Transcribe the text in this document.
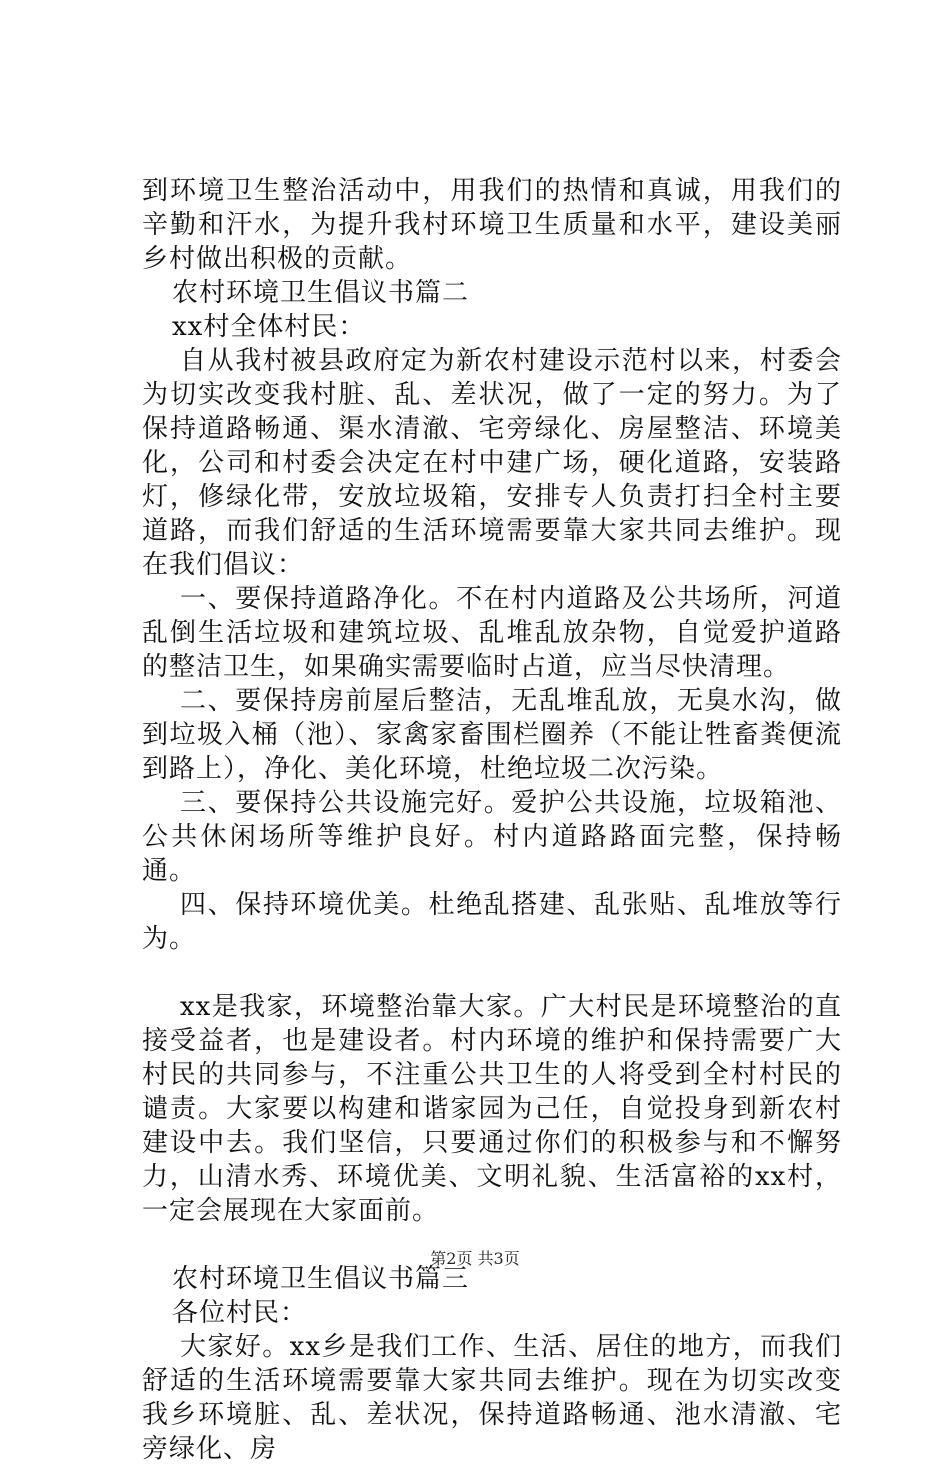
到环境卫生整治活动中，用我们的热情和真诚，用我们的辛勤和汗水，为提升我村环境卫生质量和水平，建设美丽乡村做出积极的贡献。

农村环境卫生倡议书篇二

xx村全体村民：

自从我村被县政府定为新农村建设示范村以来，村委会为切实改变我村脏、乱、差状况，做了一定的努力。为了保持道路畅通、渠水清澈、宅旁绿化、房屋整洁、环境美化，公司和村委会决定在村中建广场，硬化道路，安装路灯，修绿化带，安放垃圾箱，安排专人负责打扫全村主要道路，而我们舒适的生活环境需要靠大家共同去维护。现在我们倡议：

一、要保持道路净化。不在村内道路及公共场所，河道乱倒生活垃圾和建筑垃圾、乱堆乱放杂物，自觉爱护道路的整洁卫生，如果确实需要临时占道，应当尽快清理。

二、要保持房前屋后整洁，无乱堆乱放，无臭水沟，做到垃圾入桶（池）、家禽家畜围栏圈养（不能让牲畜粪便流到路上），净化、美化环境，杜绝垃圾二次污染。

三、要保持公共设施完好。爱护公共设施，垃圾箱池、公共休闲场所等维护良好。村内道路路面完整，保持畅通。

四、保持环境优美。杜绝乱搭建、乱张贴、乱堆放等行为。

xx是我家，环境整治靠大家。广大村民是环境整治的直接受益者，也是建设者。村内环境的维护和保持需要广大村民的共同参与，不注重公共卫生的人将受到全村村民的谴责。大家要以构建和谐家园为己任，自觉投身到新农村建设中去。我们坚信，只要通过你们的积极参与和不懈努力，山清水秀、环境优美、文明礼貌、生活富裕的xx村，一定会展现在大家面前。

农村环境卫生倡议书篇三

各位村民：

大家好。xx乡是我们工作、生活、居住的地方，而我们舒适的生活环境需要靠大家共同去维护。现在为切实改变我乡环境脏、乱、差状况，保持道路畅通、池水清澈、宅旁绿化、房

第2页 共3页
